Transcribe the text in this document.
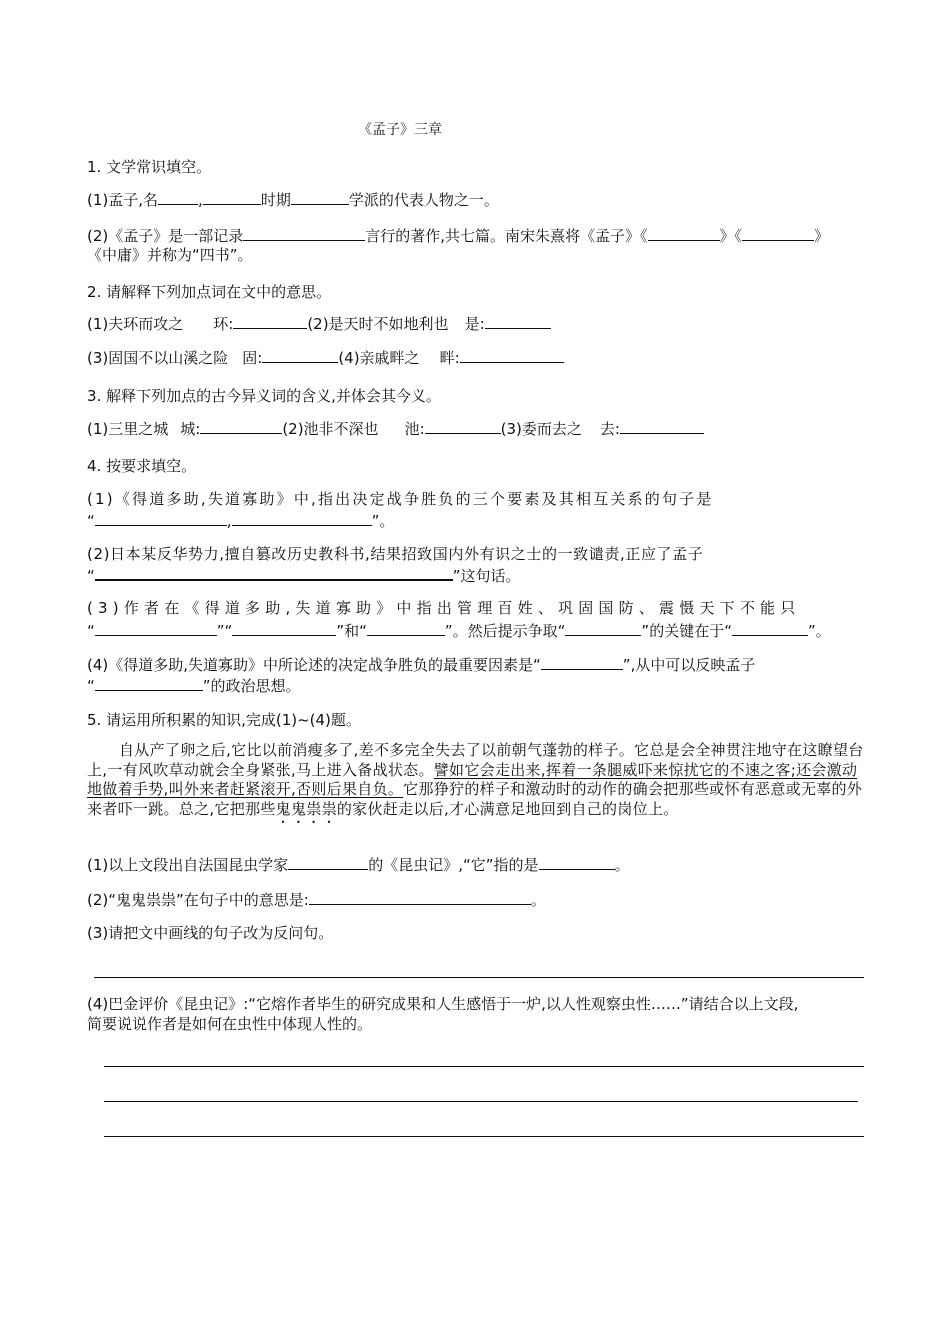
《孟子》三章
1. 文学常识填空。
(1)孟子,名	,	时期	学派的代表人物之一。
(2)《孟子》是一部记录	言行的著作,共七篇。南宋朱熹将《孟子》《	》《	》
《中庸》并称为“四书”。
2. 请解释下列加点词在文中的意思。
(1)夫环而攻之 环:	(2)是天时不如地利也 是:
(3)固国不以山溪之险 固:	(4)亲戚畔之 畔:
3. 解释下列加点的古今异义词的含义,并体会其今义。
(1)三里之城 城:	(2)池非不深也 池:	(3)委而去之 去:
4. 按要求填空。
(1)《得道多助,失道寡助》中,指出决定战争胜负的三个要素及其相互关系的句子是
“	,	”。
(2)日本某反华势力,擅自篡改历史教科书,结果招致国内外有识之士的一致谴责,正应了孟子
“	”这句话。
(3)作者在《得道多助,失道寡助》中指出管理百姓、巩固国防、震慑天下不能只
“	”“	”和“	”。然后提示争取“	”的关键在于“	”。
(4)《得道多助,失道寡助》中所论述的决定战争胜负的最重要因素是“	”,从中可以反映孟子
“	”的政治思想。
5. 请运用所积累的知识,完成(1)~(4)题。
自从产了卵之后,它比以前消瘦多了,差不多完全失去了以前朝气蓬勃的样子。它总是会全神贯注地守在这瞭望台上,一有风吹草动就会全身紧张,马上进入备战状态。譬如它会走出来,挥着一条腿威吓来惊扰它的不速之客;还会激动地做着手势,叫外来者赶紧滚开,否则后果自负。它那狰狞的样子和激动时的动作的确会把那些或怀有恶意或无辜的外来者吓一跳。总之,它把那些鬼鬼祟祟的家伙赶走以后,才心满意足地回到自己的岗位上。
(1)以上文段出自法国昆虫学家	的《昆虫记》,“它”指的是	。
(2)“鬼鬼祟祟”在句子中的意思是:	。
(3)请把文中画线的句子改为反问句。
(4)巴金评价《昆虫记》:“它熔作者毕生的研究成果和人生感悟于一炉,以人性观察虫性……”请结合以上文段,
简要说说作者是如何在虫性中体现人性的。
